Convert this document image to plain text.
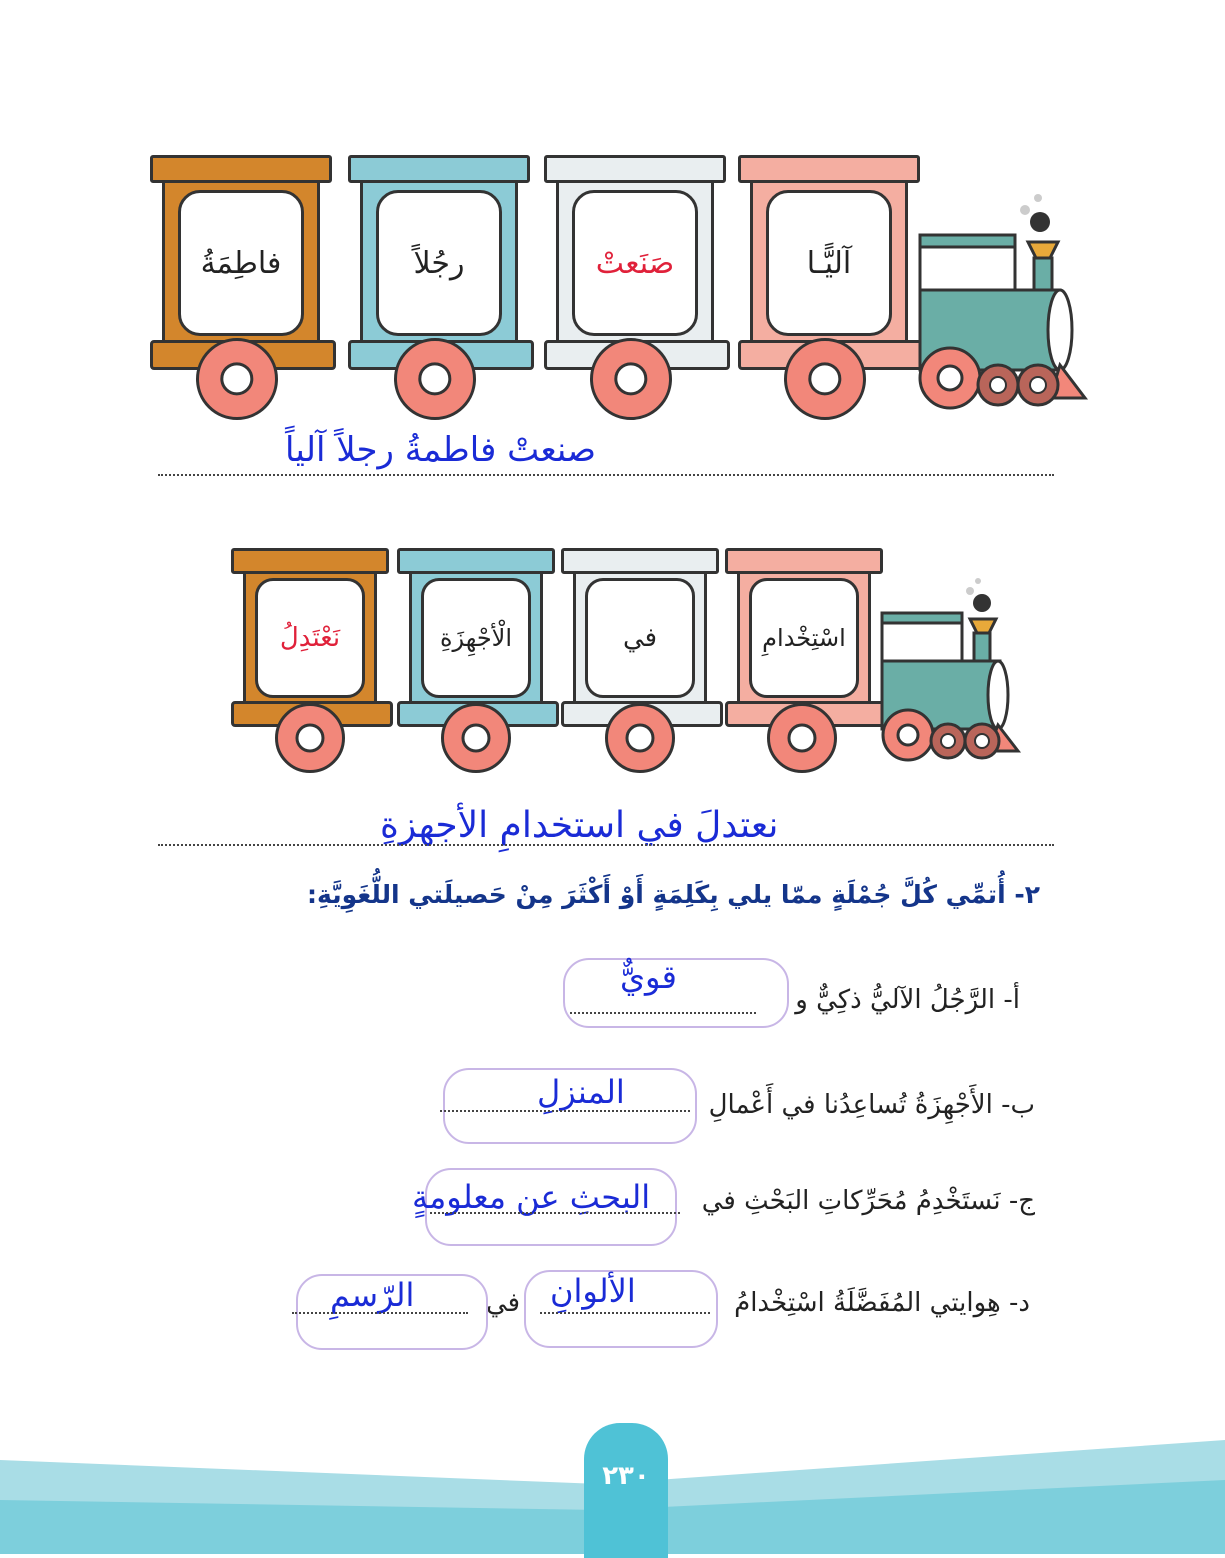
فاطِمَةُ	رجُلاً	صَنَعتْ	آليًّـا
صنعتْ فاطمةُ رجلاً آلياً
نَعْتَدِلُ	الْأجْهِزَةِ	في	اسْتِخْدامِ
نعتدلَ في استخدامِ الأجهزةِ
٢- أُتمِّي كُلَّ جُمْلَةٍ ممّا يلي بِكَلِمَةٍ أَوْ أَكْثَرَ مِنْ حَصيلَتي اللُّغَوِيَّةِ:
قويٌّ
أ- الرَّجُلُ الآليُّ ذكِيٌّ و
المنزلِ	ب- الأَجْهِزَةُ تُساعِدُنا في أَعْمالِ
البحثِ عن معلومةٍ ج- نَستَخْدِمُ مُحَرِّكاتِ البَحْثِ في
الألوانِ
في
الرّسمِ	د- هِوايتي المُفَضَّلَةُ اسْتِخْدامُ
٢٣٠
